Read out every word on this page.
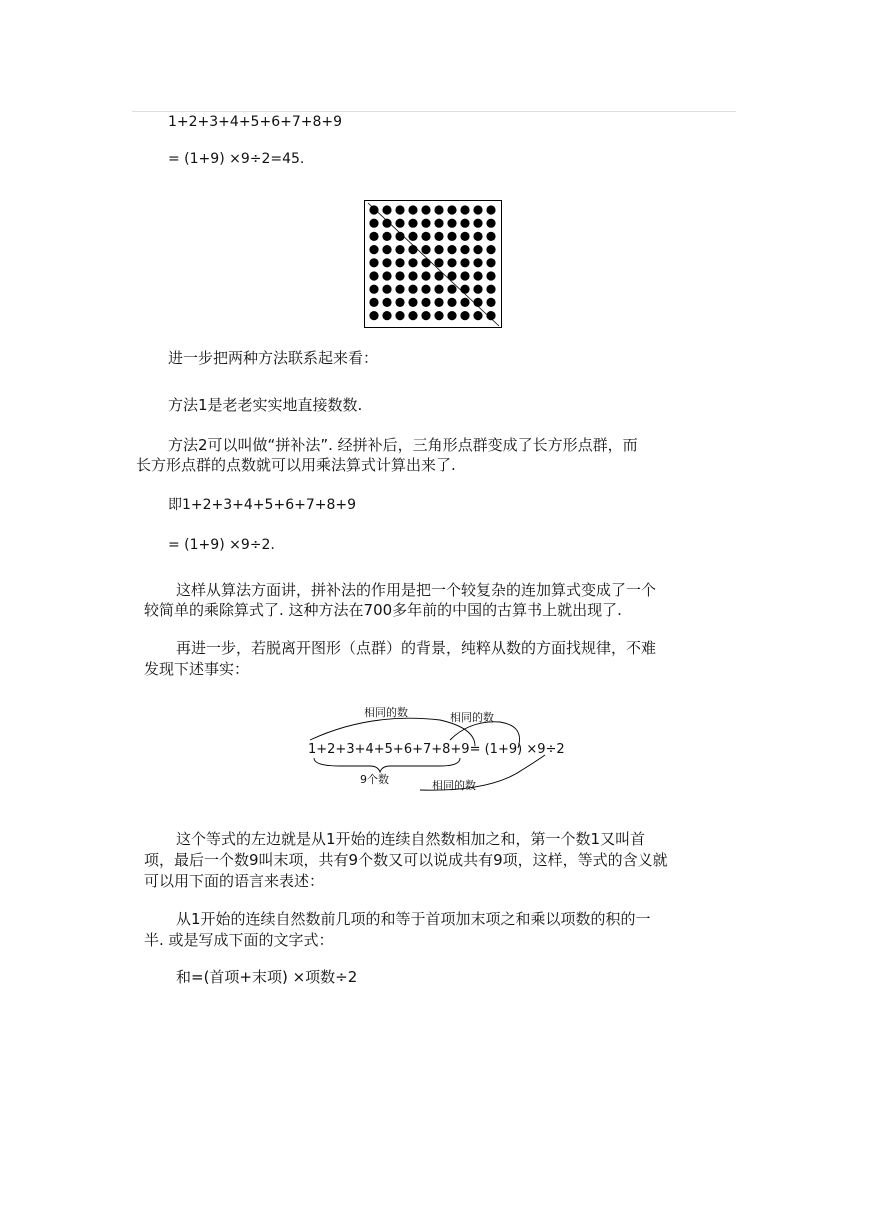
1+2+3+4+5+6+7+8+9
= (1+9) ×9÷2=45.
进一步把两种方法联系起来看：
方法1是老老实实地直接数数.
方法2可以叫做“拼补法”. 经拼补后，三角形点群变成了长方形点群，而
长方形点群的点数就可以用乘法算式计算出来了.
即1+2+3+4+5+6+7+8+9
= (1+9) ×9÷2.
这样从算法方面讲，拼补法的作用是把一个较复杂的连加算式变成了一个
较简单的乘除算式了. 这种方法在700多年前的中国的古算书上就出现了.
再进一步，若脱离开图形（点群）的背景，纯粹从数的方面找规律，不难
发现下述事实：
相同的数	相同的数
1+2+3+4+5+6+7+8+9= (1+9) ×9÷2
9个数	相同的数
这个等式的左边就是从1开始的连续自然数相加之和，第一个数1又叫首
项，最后一个数9叫末项，共有9个数又可以说成共有9项，这样，等式的含义就
可以用下面的语言来表述：
从1开始的连续自然数前几项的和等于首项加末项之和乘以项数的积的一
半. 或是写成下面的文字式：
和=(首项+末项) ×项数÷2
